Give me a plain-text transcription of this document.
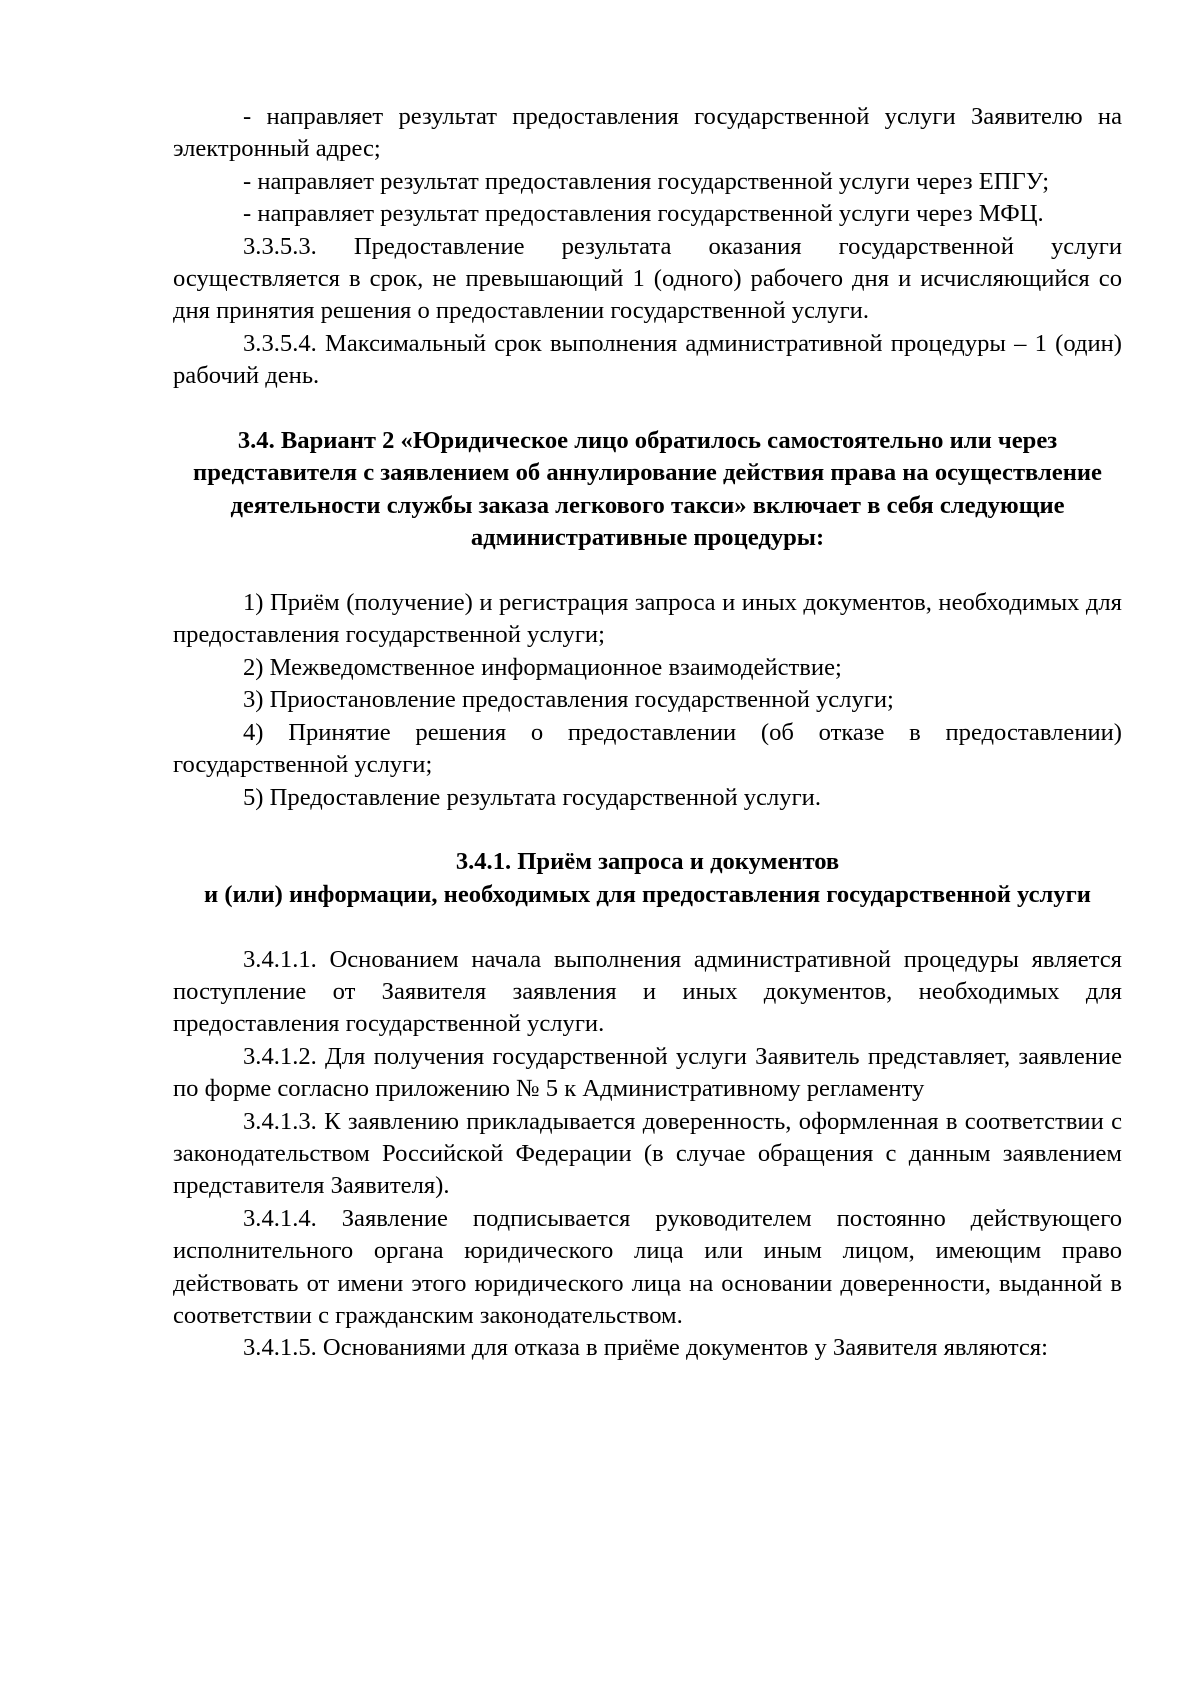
- направляет результат предоставления государственной услуги Заявителю на электронный адрес;

- направляет результат предоставления государственной услуги через ЕПГУ;

- направляет результат предоставления государственной услуги через МФЦ.

3.3.5.3. Предоставление результата оказания государственной услуги осуществляется в срок, не превышающий 1 (одного) рабочего дня и исчисляющийся со дня принятия решения о предоставлении государственной услуги.

3.3.5.4. Максимальный срок выполнения административной процедуры – 1 (один) рабочий день.

3.4. Вариант 2 «Юридическое лицо обратилось самостоятельно или через представителя с заявлением об аннулирование действия права на осуществление деятельности службы заказа легкового такси» включает в себя следующие административные процедуры:

1) Приём (получение) и регистрация запроса и иных документов, необходимых для предоставления государственной услуги;

2) Межведомственное информационное взаимодействие;

3) Приостановление предоставления государственной услуги;

4) Принятие решения о предоставлении (об отказе в предоставлении) государственной услуги;

5) Предоставление результата государственной услуги.

3.4.1. Приём запроса и документов
и (или) информации, необходимых для предоставления государственной услуги

3.4.1.1. Основанием начала выполнения административной процедуры является поступление от Заявителя заявления и иных документов, необходимых для предоставления государственной услуги.

3.4.1.2. Для получения государственной услуги Заявитель представляет, заявление по форме согласно приложению № 5 к Административному регламенту

3.4.1.3. К заявлению прикладывается доверенность, оформленная в соответствии с законодательством Российской Федерации (в случае обращения с данным заявлением представителя Заявителя).

3.4.1.4. Заявление подписывается руководителем постоянно действующего исполнительного органа юридического лица или иным лицом, имеющим право действовать от имени этого юридического лица на основании доверенности, выданной в соответствии с гражданским законодательством.

3.4.1.5. Основаниями для отказа в приёме документов у Заявителя являются:
